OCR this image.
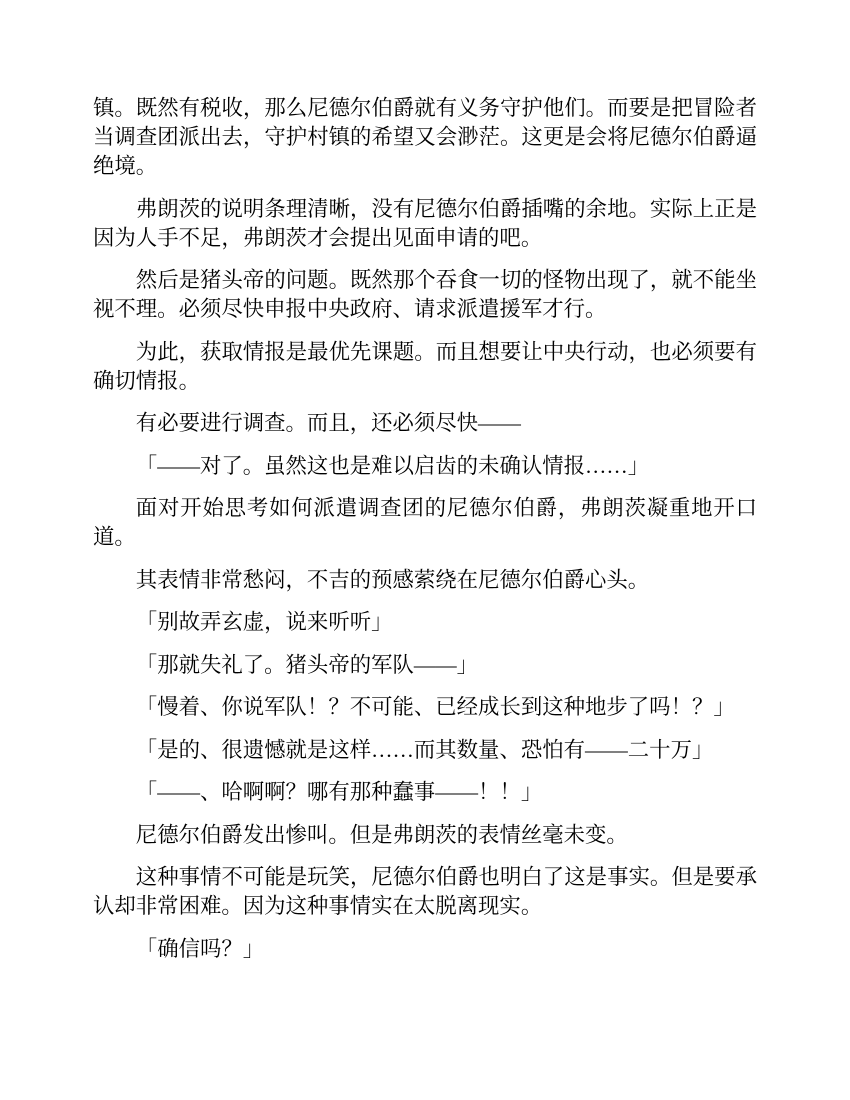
镇。既然有税收，那么尼德尔伯爵就有义务守护他们。而要是把冒险者当调查团派出去，守护村镇的希望又会渺茫。这更是会将尼德尔伯爵逼绝境。

弗朗茨的说明条理清晰，没有尼德尔伯爵插嘴的余地。实际上正是因为人手不足，弗朗茨才会提出见面申请的吧。

然后是猪头帝的问题。既然那个吞食一切的怪物出现了，就不能坐视不理。必须尽快申报中央政府、请求派遣援军才行。

为此，获取情报是最优先课题。而且想要让中央行动，也必须要有确切情报。

有必要进行调查。而且，还必须尽快——

「——对了。虽然这也是难以启齿的未确认情报……」

面对开始思考如何派遣调查团的尼德尔伯爵，弗朗茨凝重地开口道。

其表情非常愁闷，不吉的预感萦绕在尼德尔伯爵心头。

「别故弄玄虚，说来听听」

「那就失礼了。猪头帝的军队——」

「慢着、你说军队！？不可能、已经成长到这种地步了吗！？」

「是的、很遗憾就是这样……而其数量、恐怕有——二十万」

「——、哈啊啊？哪有那种蠢事——！！」

尼德尔伯爵发出惨叫。但是弗朗茨的表情丝毫未变。

这种事情不可能是玩笑，尼德尔伯爵也明白了这是事实。但是要承认却非常困难。因为这种事情实在太脱离现实。

「确信吗？」
